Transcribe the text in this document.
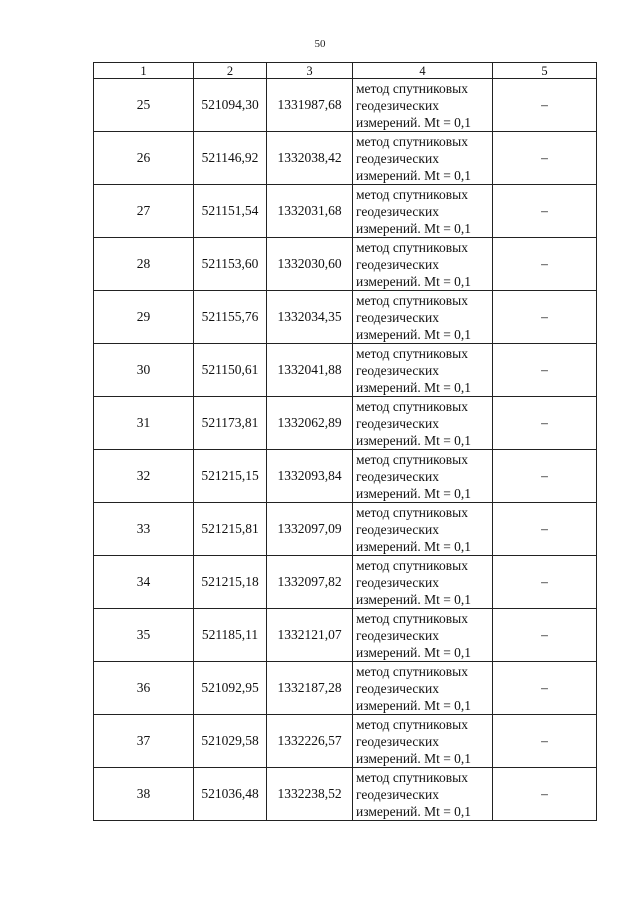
50
1	2	3	4	5
25	521094,30	1331987,68	метод спутниковых
геодезических
измерений. Mt = 0,1	–
26	521146,92	1332038,42	метод спутниковых
геодезических
измерений. Mt = 0,1	–
27	521151,54	1332031,68	метод спутниковых
геодезических
измерений. Mt = 0,1	–
28	521153,60	1332030,60	метод спутниковых
геодезических
измерений. Mt = 0,1	–
29	521155,76	1332034,35	метод спутниковых
геодезических
измерений. Mt = 0,1	–
30	521150,61	1332041,88	метод спутниковых
геодезических
измерений. Mt = 0,1	–
31	521173,81	1332062,89	метод спутниковых
геодезических
измерений. Mt = 0,1	–
32	521215,15	1332093,84	метод спутниковых
геодезических
измерений. Mt = 0,1	–
33	521215,81	1332097,09	метод спутниковых
геодезических
измерений. Mt = 0,1	–
34	521215,18	1332097,82	метод спутниковых
геодезических
измерений. Mt = 0,1	–
35	521185,11	1332121,07	метод спутниковых
геодезических
измерений. Mt = 0,1	–
36	521092,95	1332187,28	метод спутниковых
геодезических
измерений. Mt = 0,1	–
37	521029,58	1332226,57	метод спутниковых
геодезических
измерений. Mt = 0,1	–
38	521036,48	1332238,52	метод спутниковых
геодезических
измерений. Mt = 0,1	–
